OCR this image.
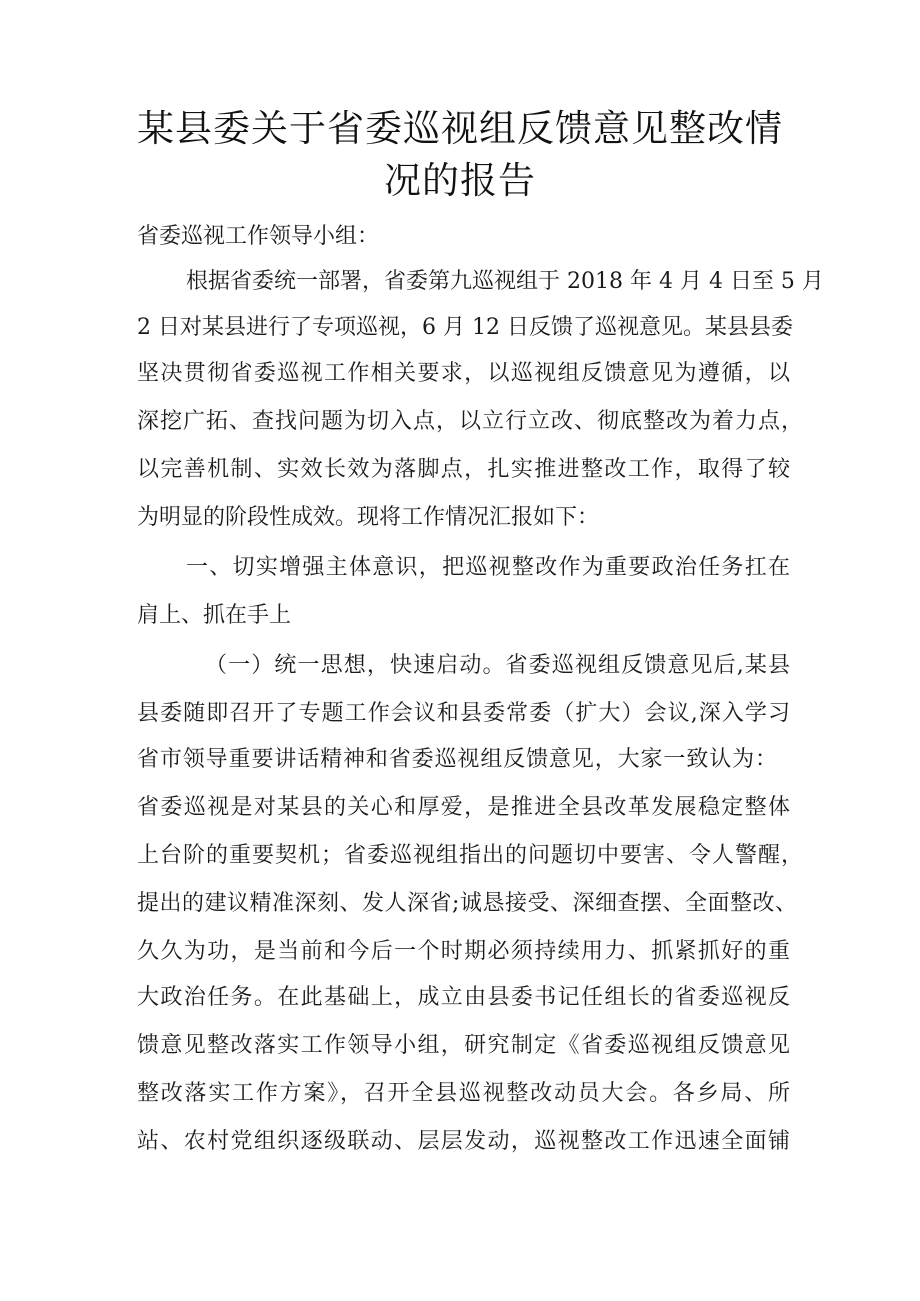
某县委关于省委巡视组反馈意见整改情
况的报告
省委巡视工作领导小组：
根据省委统一部署，省委第九巡视组于 2018 年 4 月 4 日至 5 月
2 日对某县进行了专项巡视，6 月 12 日反馈了巡视意见。某县县委
坚决贯彻省委巡视工作相关要求，以巡视组反馈意见为遵循，以
深挖广拓、查找问题为切入点，以立行立改、彻底整改为着力点，
以完善机制、实效长效为落脚点，扎实推进整改工作，取得了较
为明显的阶段性成效。现将工作情况汇报如下：
一、切实增强主体意识，把巡视整改作为重要政治任务扛在
肩上、抓在手上
（一）统一思想，快速启动。省委巡视组反馈意见后,某县
县委随即召开了专题工作会议和县委常委（扩大）会议,深入学习
省市领导重要讲话精神和省委巡视组反馈意见，大家一致认为：
省委巡视是对某县的关心和厚爱，是推进全县改革发展稳定整体
上台阶的重要契机；省委巡视组指出的问题切中要害、令人警醒，
提出的建议精准深刻、发人深省;诚恳接受、深细查摆、全面整改、
久久为功，是当前和今后一个时期必须持续用力、抓紧抓好的重
大政治任务。在此基础上，成立由县委书记任组长的省委巡视反
馈意见整改落实工作领导小组，研究制定《省委巡视组反馈意见
整改落实工作方案》，召开全县巡视整改动员大会。各乡局、所
站、农村党组织逐级联动、层层发动，巡视整改工作迅速全面铺
